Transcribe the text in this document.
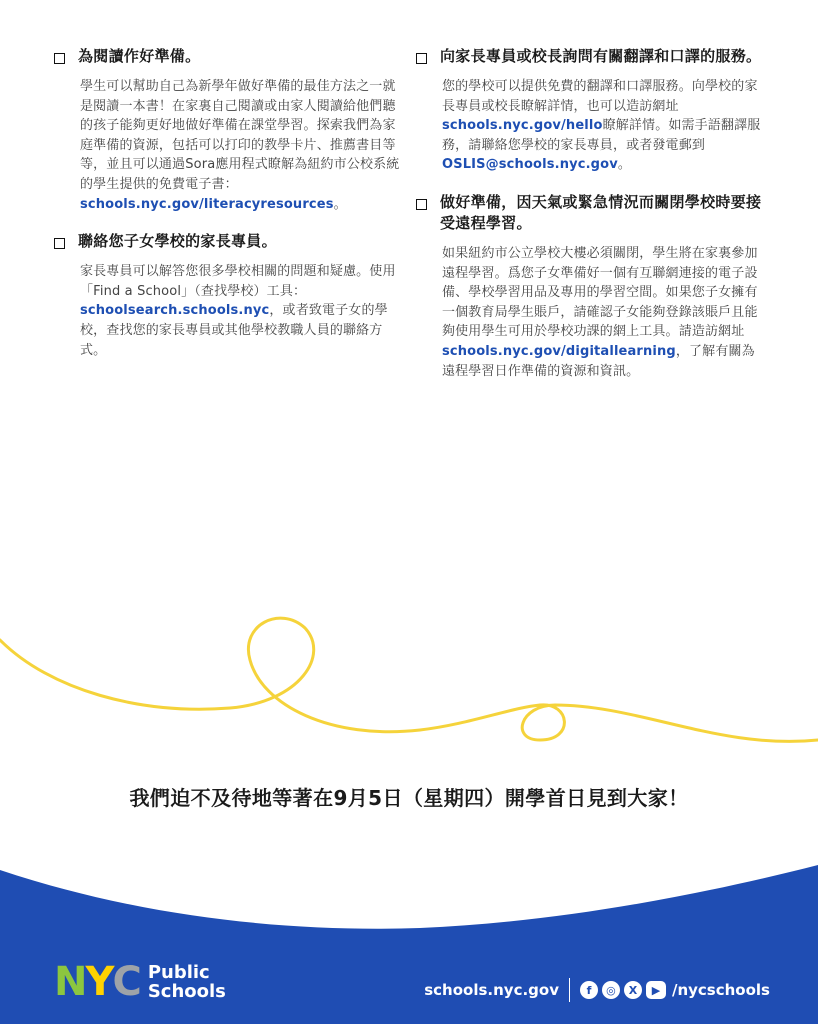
為閱讀作好準備。
學生可以幫助自己為新學年做好準備的最佳方法之一就是閱讀一本書！在家裏自己閱讀或由家人閱讀給他們聽的孩子能夠更好地做好準備在課堂學習。探索我們為家庭準備的資源，包括可以打印的教學卡片、推薦書目等等，並且可以通過Sora應用程式瞭解為紐約市公校系統的學生提供的免費電子書：schools.nyc.gov/literacyresources。
聯絡您子女學校的家長專員。
家長專員可以解答您很多學校相關的問題和疑慮。使用「Find a School」（查找學校）工具：schoolsearch.schools.nyc，或者致電子女的學校，查找您的家長專員或其他學校教職人員的聯絡方式。
向家長專員或校長詢問有關翻譯和口譯的服務。
您的學校可以提供免費的翻譯和口譯服務。向學校的家長專員或校長瞭解詳情，也可以造訪網址schools.nyc.gov/hello瞭解詳情。如需手語翻譯服務，請聯絡您學校的家長專員，或者發電郵到OSLIS@schools.nyc.gov。
做好準備，因天氣或緊急情況而關閉學校時要接受遠程學習。
如果紐約市公立學校大樓必須關閉，學生將在家裏參加遠程學習。爲您子女準備好一個有互聯網連接的電子設備、學校學習用品及專用的學習空間。如果您子女擁有一個教育局學生賬戶，請確認子女能夠登錄該賬戶且能夠使用學生可用於學校功課的網上工具。請造訪網址schools.nyc.gov/digitallearning，了解有關為遠程學習日作準備的資源和資訊。
我們迫不及待地等著在9月5日（星期四）開學首日見到大家！
N Y C Public
Schools	schools.nyc.gov	f	◎	X	▶ /nycschools
